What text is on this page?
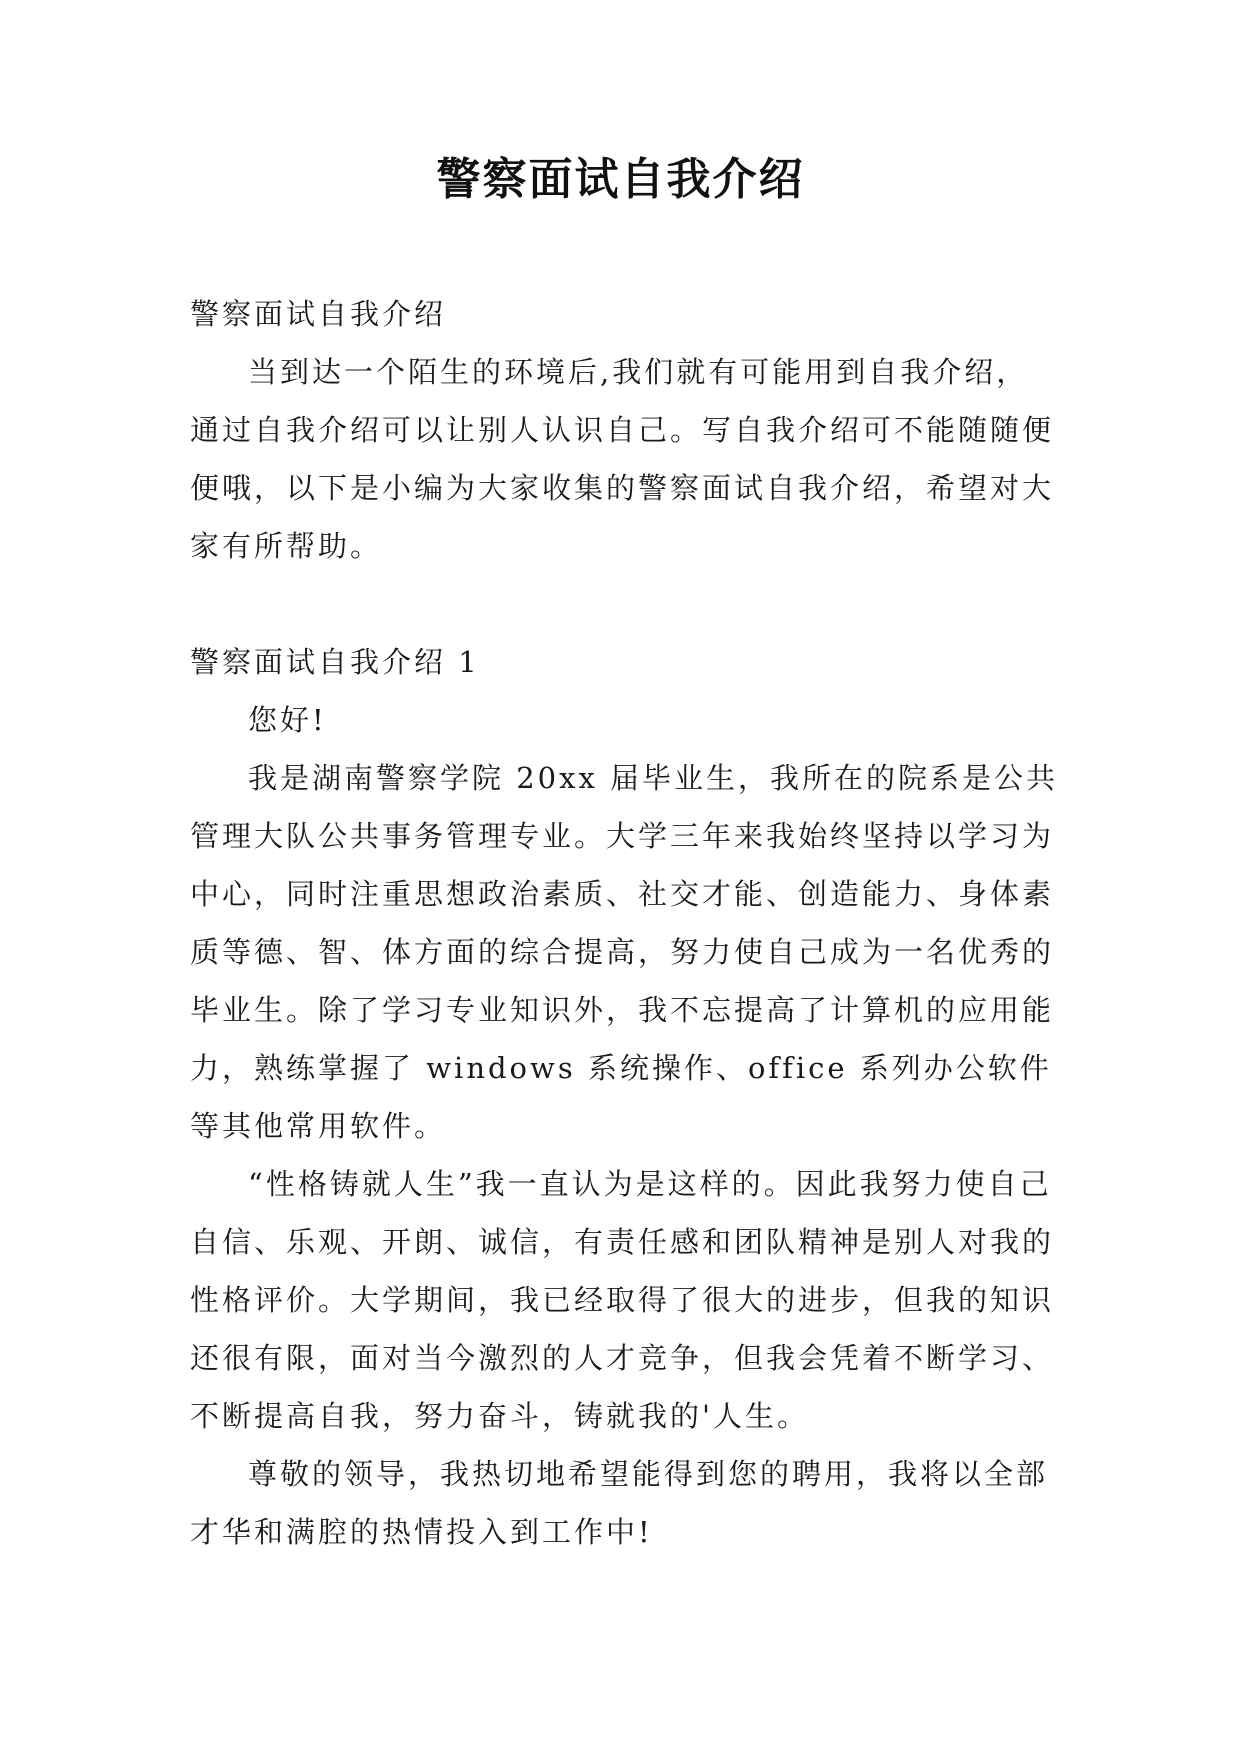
警察面试自我介绍

警察面试自我介绍

当到达一个陌生的环境后,我们就有可能用到自我介绍，通过自我介绍可以让别人认识自己。写自我介绍可不能随随便便哦，以下是小编为大家收集的警察面试自我介绍，希望对大家有所帮助。

警察面试自我介绍 1

您好!

我是湖南警察学院 20xx 届毕业生，我所在的院系是公共管理大队公共事务管理专业。大学三年来我始终坚持以学习为中心，同时注重思想政治素质、社交才能、创造能力、身体素质等德、智、体方面的综合提高，努力使自己成为一名优秀的毕业生。除了学习专业知识外，我不忘提高了计算机的应用能力，熟练掌握了 windows 系统操作、office 系列办公软件等其他常用软件。

“性格铸就人生”我一直认为是这样的。因此我努力使自己自信、乐观、开朗、诚信，有责任感和团队精神是别人对我的性格评价。大学期间，我已经取得了很大的进步，但我的知识还很有限，面对当今激烈的人才竞争，但我会凭着不断学习、不断提高自我，努力奋斗，铸就我的'人生。

尊敬的领导，我热切地希望能得到您的聘用，我将以全部才华和满腔的热情投入到工作中!
